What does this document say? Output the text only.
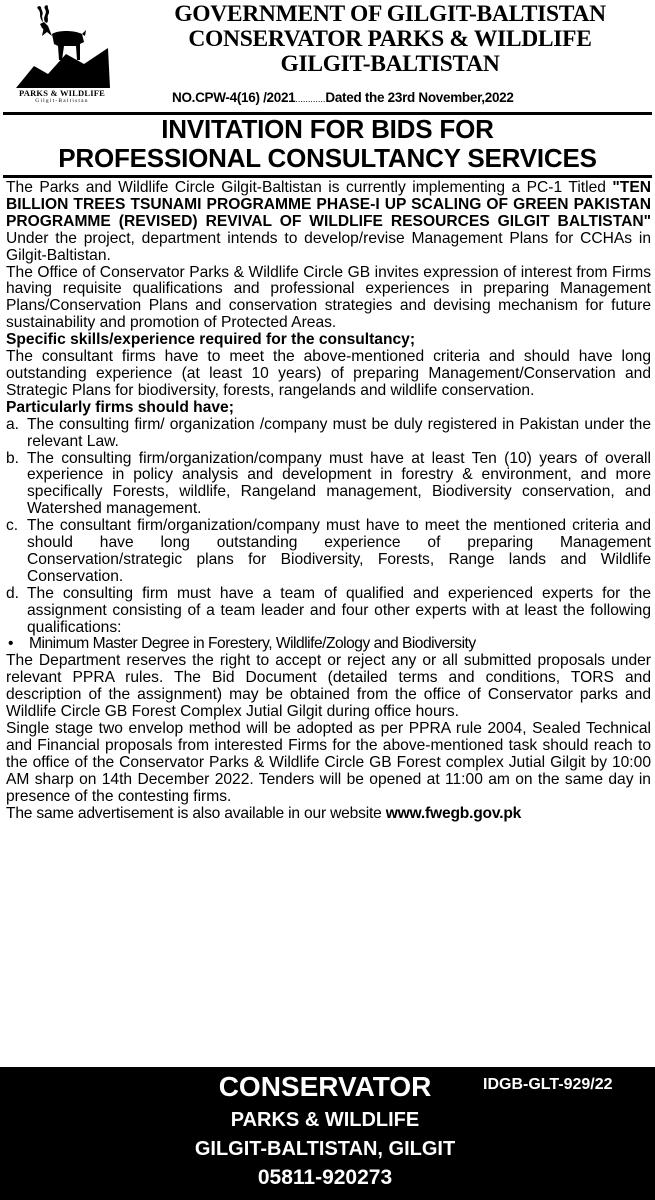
PARKS & WILDLIFE
Gilgit-Baltistan
GOVERNMENT OF GILGIT-BALTISTAN
CONSERVATOR PARKS & WILDLIFE
GILGIT-BALTISTAN
NO.CPW-4(16) /2021............Dated the 23rd November,2022
INVITATION FOR BIDS FOR
PROFESSIONAL CONSULTANCY SERVICES

The Parks and Wildlife Circle Gilgit-Baltistan is currently implementing a PC-1 Titled "TEN BILLION TREES TSUNAMI PROGRAMME PHASE-I UP SCALING OF GREEN PAKISTAN PROGRAMME (REVISED) REVIVAL OF WILDLIFE RESOURCES GILGIT BALTISTAN" Under the project, department intends to develop/revise Management Plans for CCHAs in Gilgit-Baltistan.

The Office of Conservator Parks & Wildlife Circle GB invites expression of interest from Firms having requisite qualifications and professional experiences in preparing Management Plans/Conservation Plans and conservation strategies and devising mechanism for future sustainability and promotion of Protected Areas.

Specific skills/experience required for the consultancy;

The consultant firms have to meet the above-mentioned criteria and should have long outstanding experience (at least 10 years) of preparing Management/Conservation and Strategic Plans for biodiversity, forests, rangelands and wildlife conservation.

Particularly firms should have;

a. The consulting firm/ organization /company must be duly registered in Pakistan under the relevant Law.
b. The consulting firm/organization/company must have at least Ten (10) years of overall experience in policy analysis and development in forestry & environment, and more specifically Forests, wildlife, Rangeland management, Biodiversity conservation, and Watershed management.
c. The consultant firm/organization/company must have to meet the mentioned criteria and should have long outstanding experience of preparing Management Conservation/strategic plans for Biodiversity, Forests, Range lands and Wildlife Conservation.
d. The consulting firm must have a team of qualified and experienced experts for the assignment consisting of a team leader and four other experts with at least the following qualifications:
• Minimum Master Degree in Forestery, Wildlife/Zology and Biodiversity

The Department reserves the right to accept or reject any or all submitted proposals under relevant PPRA rules. The Bid Document (detailed terms and conditions, TORS and description of the assignment) may be obtained from the office of Conservator parks and Wildlife Circle GB Forest Complex Jutial Gilgit during office hours.

Single stage two envelop method will be adopted as per PPRA rule 2004, Sealed Technical and Financial proposals from interested Firms for the above-mentioned task should reach to the office of the Conservator Parks & Wildlife Circle GB Forest complex Jutial Gilgit by 10:00 AM sharp on 14th December 2022. Tenders will be opened at 11:00 am on the same day in presence of the contesting firms.

The same advertisement is also available in our website www.fwegb.gov.pk

CONSERVATOR
PARKS & WILDLIFE
GILGIT-BALTISTAN, GILGIT
05811-920273
IDGB-GLT-929/22
